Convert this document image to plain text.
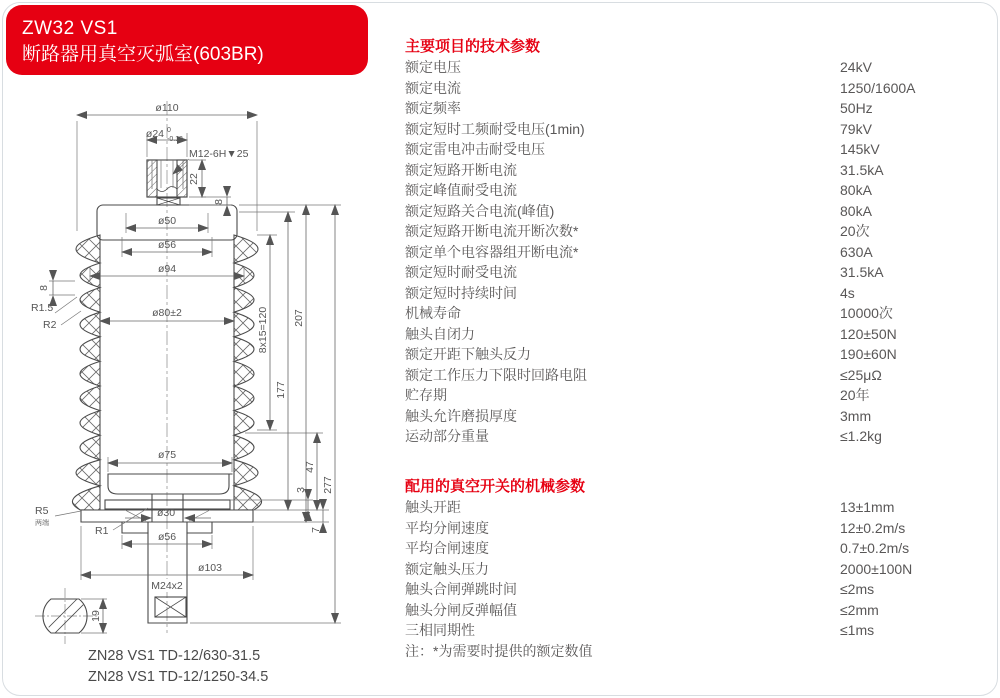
ZW32 VS1
断路器用真空灭弧室(603BR)
ø110
ø24 0
-0.13
M12-6H▼25
22
8
ø50
ø56
ø94
ø80±2
8
R1.5
R2
ø75
ø30
R5
两端
R1	ø56
ø103
M24x2
8x15=120
177
207
277
47
3
7
19
ZN28 VS1 TD-12/630-31.5
ZN28 VS1 TD-12/1250-34.5
主要项目的技术参数
额定电压	24kV
额定电流	1250/1600A
额定频率	50Hz
额定短时工频耐受电压(1min)	79kV
额定雷电冲击耐受电压	145kV
额定短路开断电流	31.5kA
额定峰值耐受电流	80kA
额定短路关合电流(峰值)	80kA
额定短路开断电流开断次数*	20次
额定单个电容器组开断电流*	630A
额定短时耐受电流	31.5kA
额定短时持续时间	4s
机械寿命	10000次
触头自闭力	120±50N
额定开距下触头反力	190±60N
额定工作压力下限时回路电阻	≤25μΩ
贮存期	20年
触头允许磨损厚度	3mm
运动部分重量	≤1.2kg
配用的真空开关的机械参数
触头开距	13±1mm
平均分闸速度	12±0.2m/s
平均合闸速度	0.7±0.2m/s
额定触头压力	2000±100N
触头合闸弹跳时间	≤2ms
触头分闸反弹幅值	≤2mm
三相同期性	≤1ms
注：*为需要时提供的额定数值
